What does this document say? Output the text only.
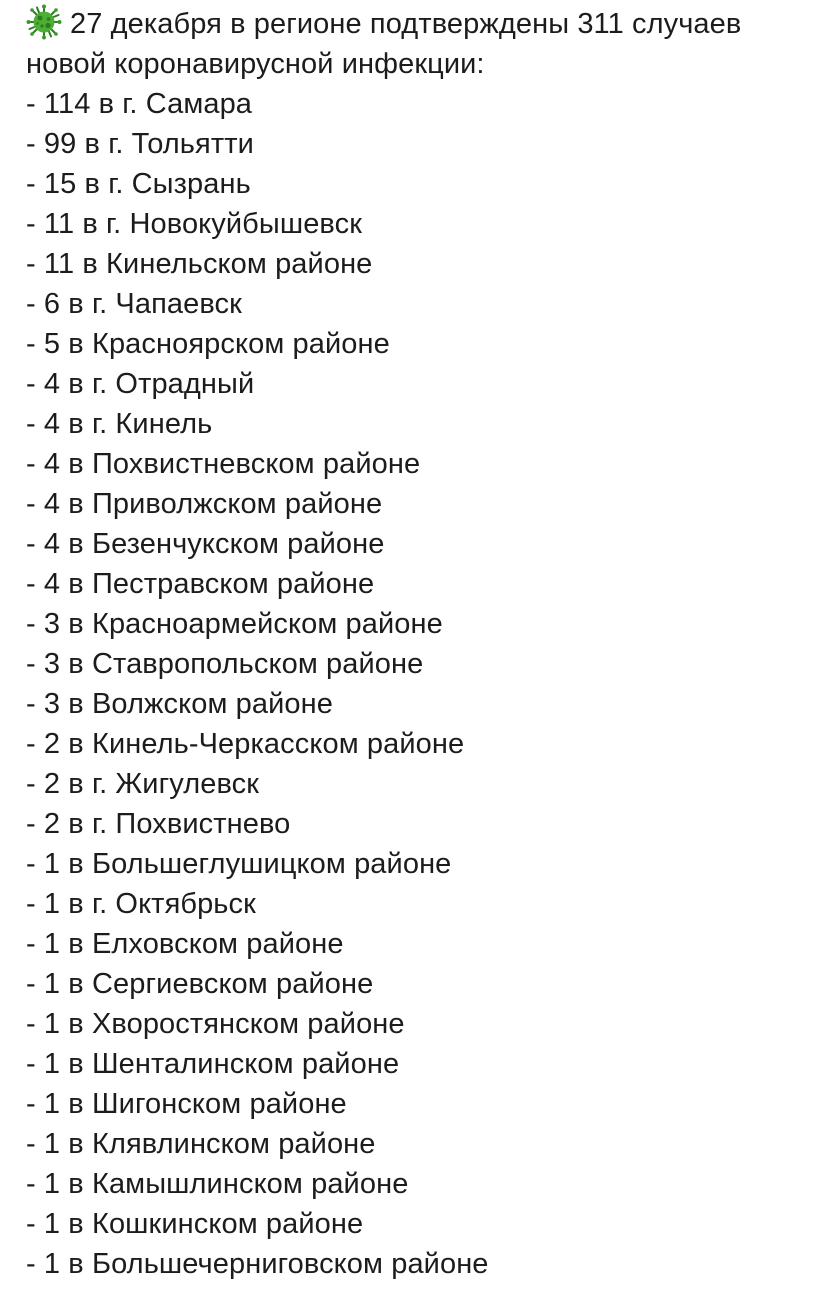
27 декабря в регионе подтверждены 311 случаев новой коронавирусной инфекции:
- 114 в г. Самара
- 99 в г. Тольятти
- 15 в г. Сызрань
- 11 в г. Новокуйбышевск
- 11 в Кинельском районе
- 6 в г. Чапаевск
- 5 в Красноярском районе
- 4 в г. Отрадный
- 4 в г. Кинель
- 4 в Похвистневском районе
- 4 в Приволжском районе
- 4 в Безенчукском районе
- 4 в Пестравском районе
- 3 в Красноармейском районе
- 3 в Ставропольском районе
- 3 в Волжском районе
- 2 в Кинель-Черкасском районе
- 2 в г. Жигулевск
- 2 в г. Похвистнево
- 1 в Большеглушицком районе
- 1 в г. Октябрьск
- 1 в Елховском районе
- 1 в Сергиевском районе
- 1 в Хворостянском районе
- 1 в Шенталинском районе
- 1 в Шигонском районе
- 1 в Клявлинском районе
- 1 в Камышлинском районе
- 1 в Кошкинском районе
- 1 в Большечерниговском районе
